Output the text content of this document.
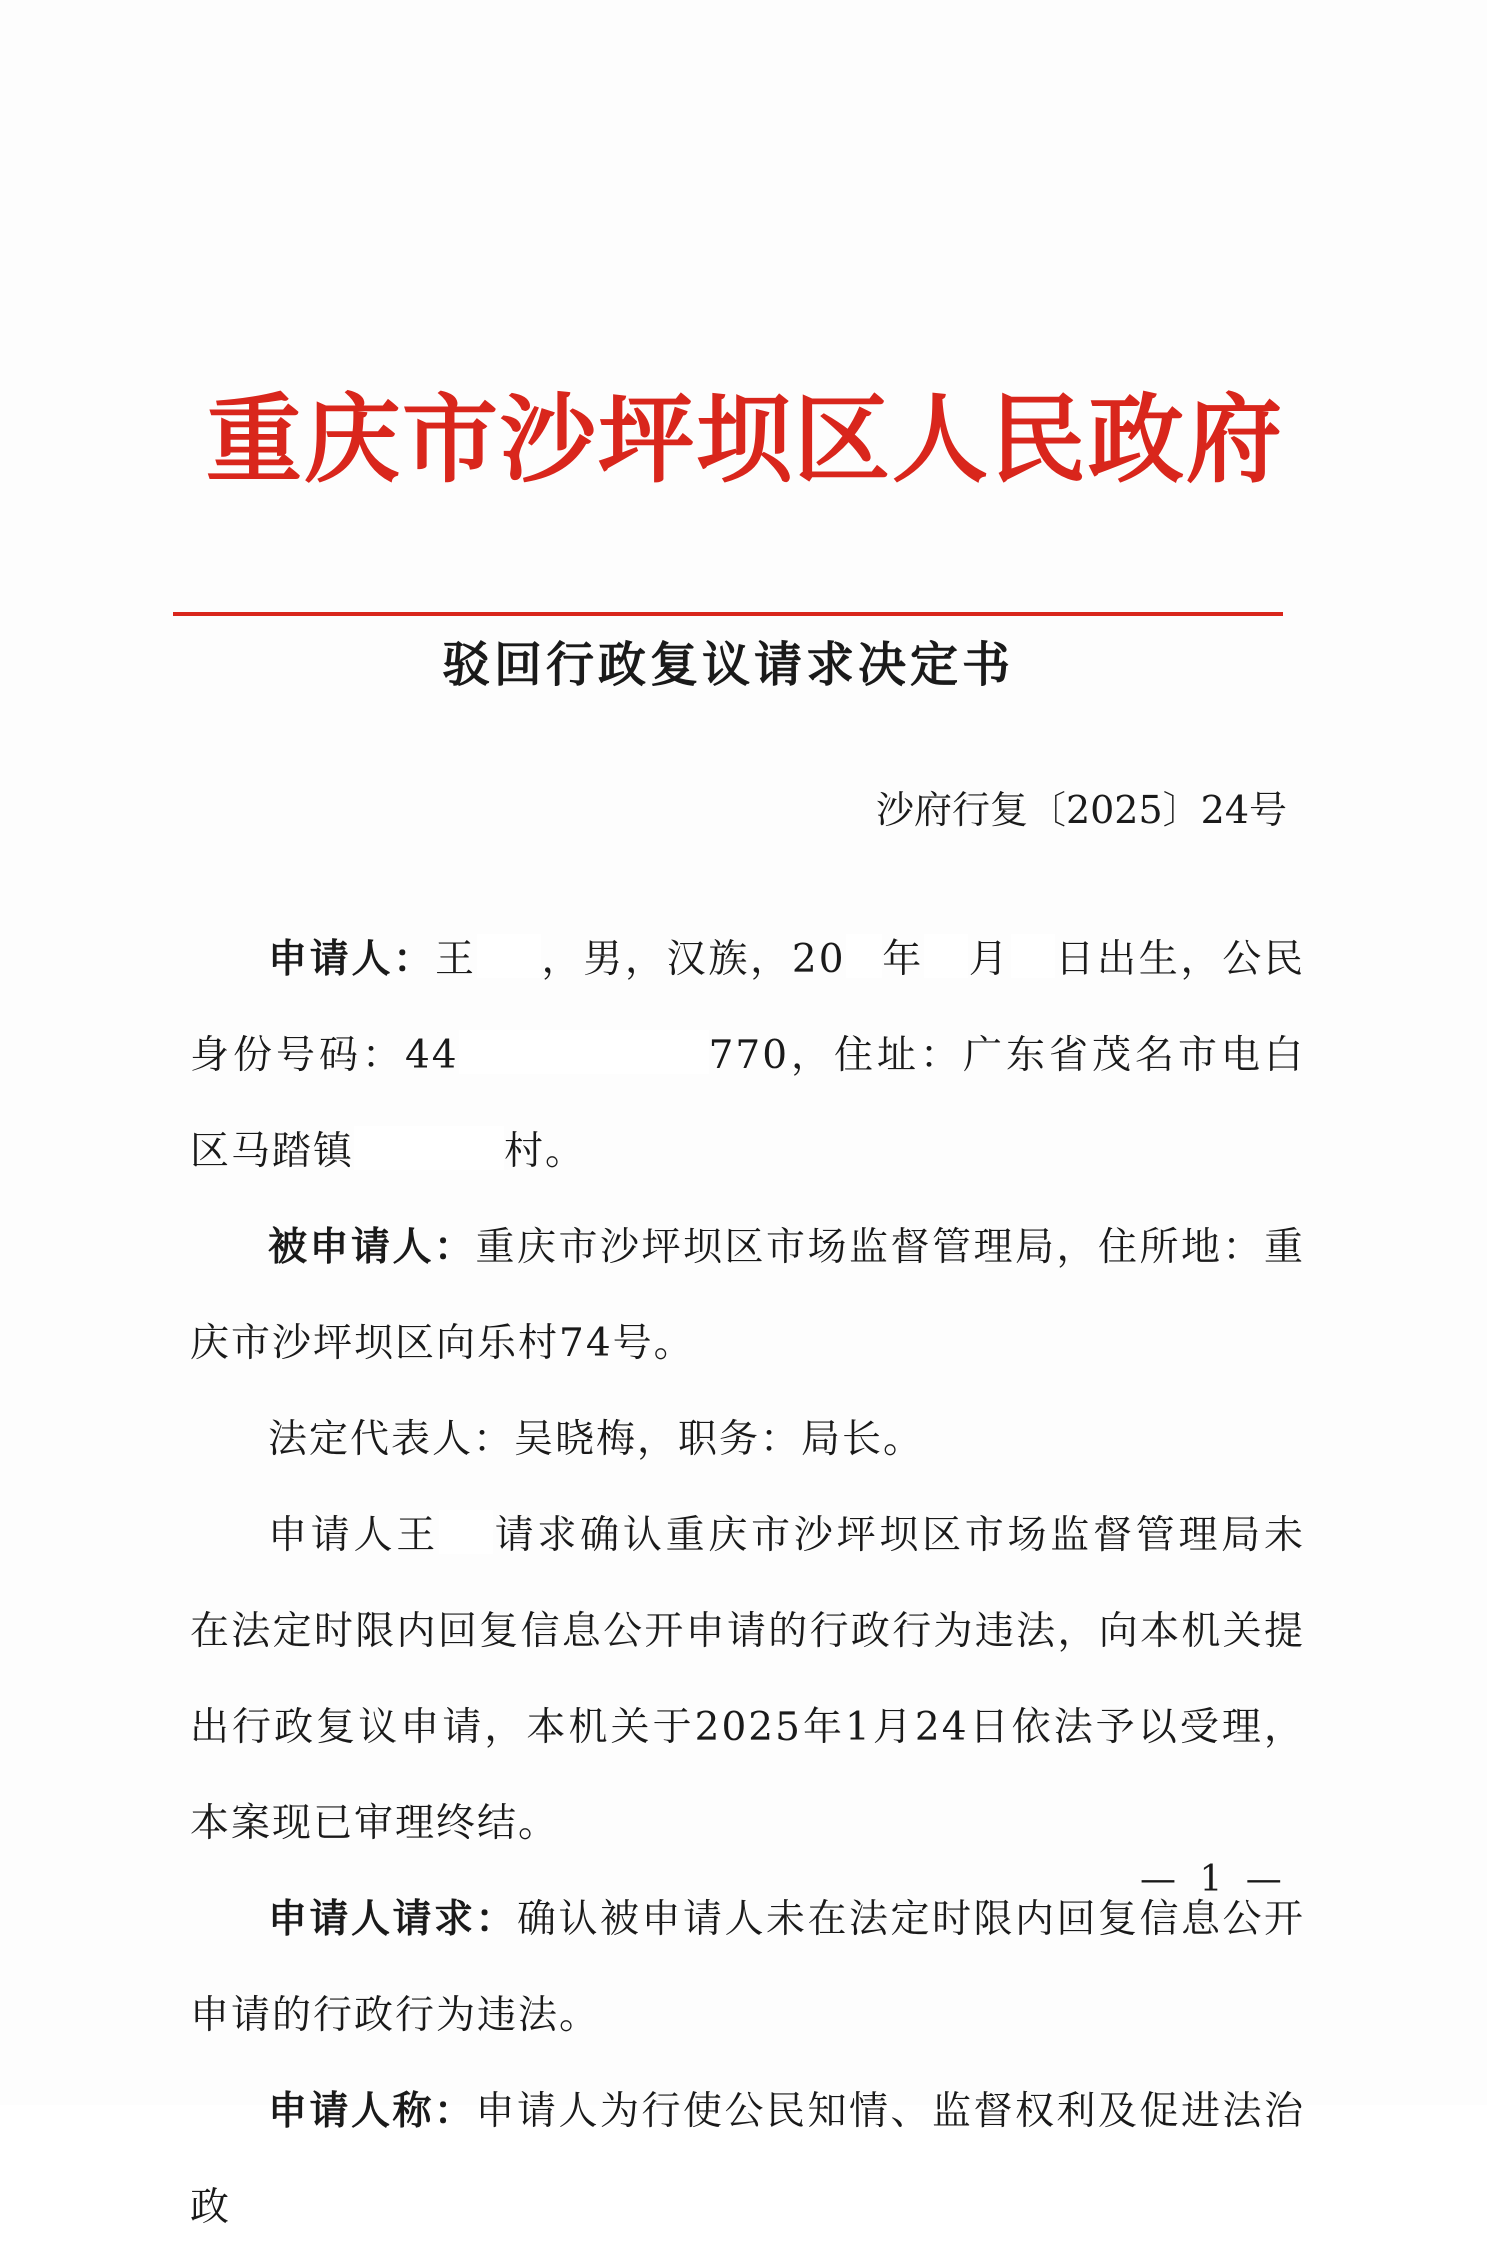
重庆市沙坪坝区人民政府
驳回行政复议请求决定书
沙府行复〔2025〕24号

申请人：王 ，男，汉族，20 年 月 日出生，公民身份号码：44	770，住址：广东省茂名市电白区马踏镇	村。

被申请人：重庆市沙坪坝区市场监督管理局，住所地：重庆市沙坪坝区向乐村74号。

法定代表人：吴晓梅，职务：局长。

申请人王 请求确认重庆市沙坪坝区市场监督管理局未在法定时限内回复信息公开申请的行政行为违法，向本机关提出行政复议申请，本机关于2025年1月24日依法予以受理，本案现已审理终结。

申请人请求：确认被申请人未在法定时限内回复信息公开申请的行政行为违法。

申请人称：申请人为行使公民知情、监督权利及促进法治政

— 1 —
